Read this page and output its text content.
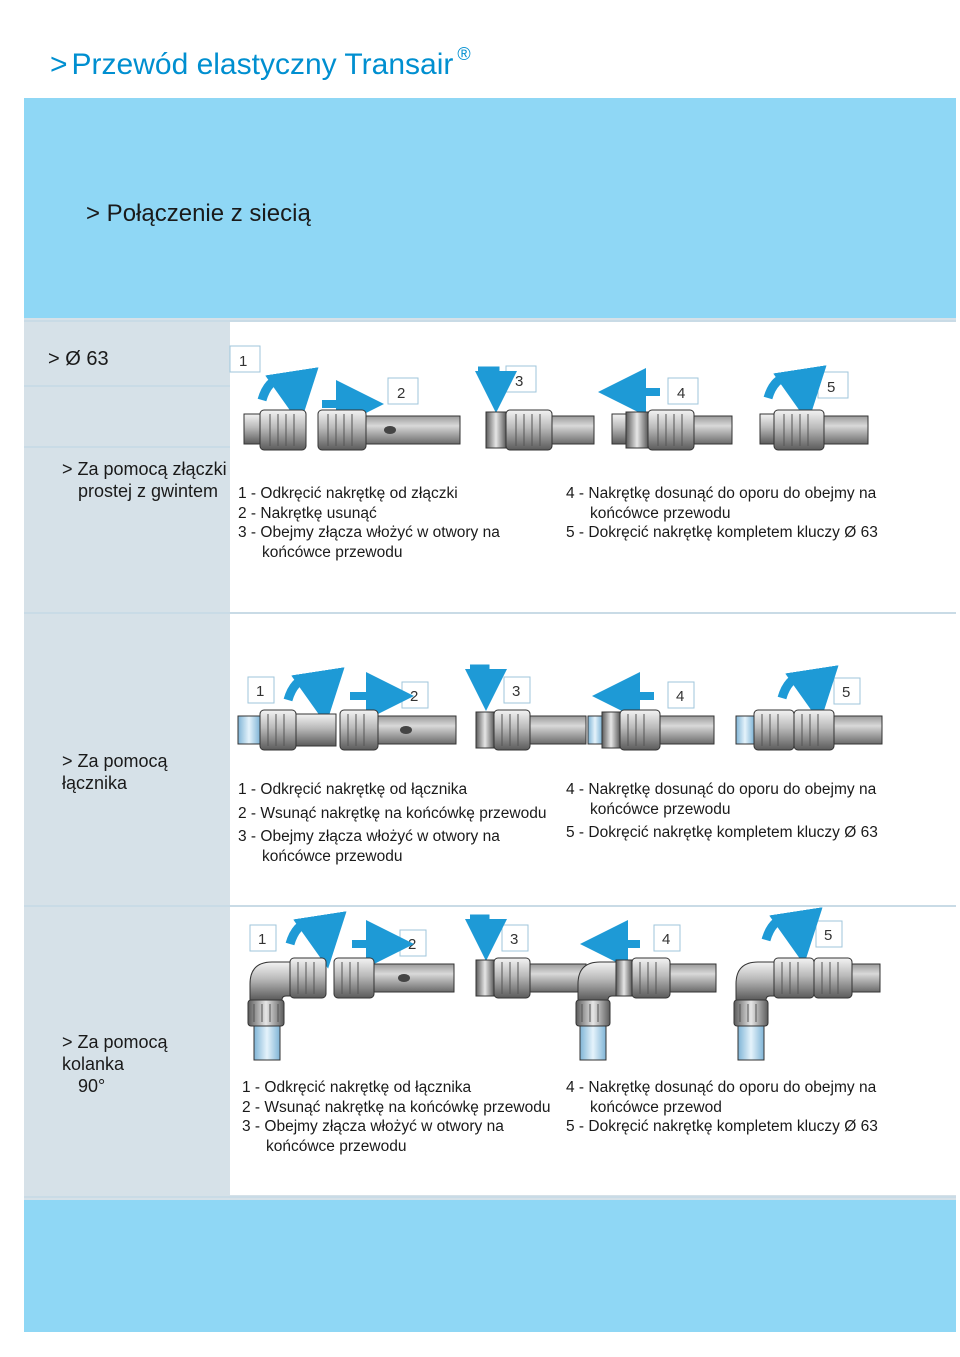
> Przewód elastyczny Transair ®
> Połączenie z siecią
> Ø 63
> Za pomocą złączki
prostej z gwintem
> Za pomocą łącznika
> Za pomocą kolanka
90°
1
2
3
4	5
1	2	3	4	5
1	2	3	4	5

1 - Odkręcić nakrętkę od złączki

2 - Nakrętkę usunąć

3 - Obejmy złącza włożyć w otwory na

końcówce przewodu

4 - Nakrętkę dosunąć do oporu do obejmy na

końcówce przewodu

5 - Dokręcić nakrętkę kompletem kluczy Ø 63

1 - Odkręcić nakrętkę od łącznika

2 - Wsunąć nakrętkę na końcówkę przewodu

3 - Obejmy złącza włożyć w otwory na

końcówce przewodu

4 - Nakrętkę dosunąć do oporu do obejmy na

końcówce przewodu

5 - Dokręcić nakrętkę kompletem kluczy Ø 63

1 - Odkręcić nakrętkę od łącznika

2 - Wsunąć nakrętkę na końcówkę przewodu

3 - Obejmy złącza włożyć w otwory na

końcówce przewodu

4 - Nakrętkę dosunąć do oporu do obejmy na

końcówce przewod

5 - Dokręcić nakrętkę kompletem kluczy Ø 63
